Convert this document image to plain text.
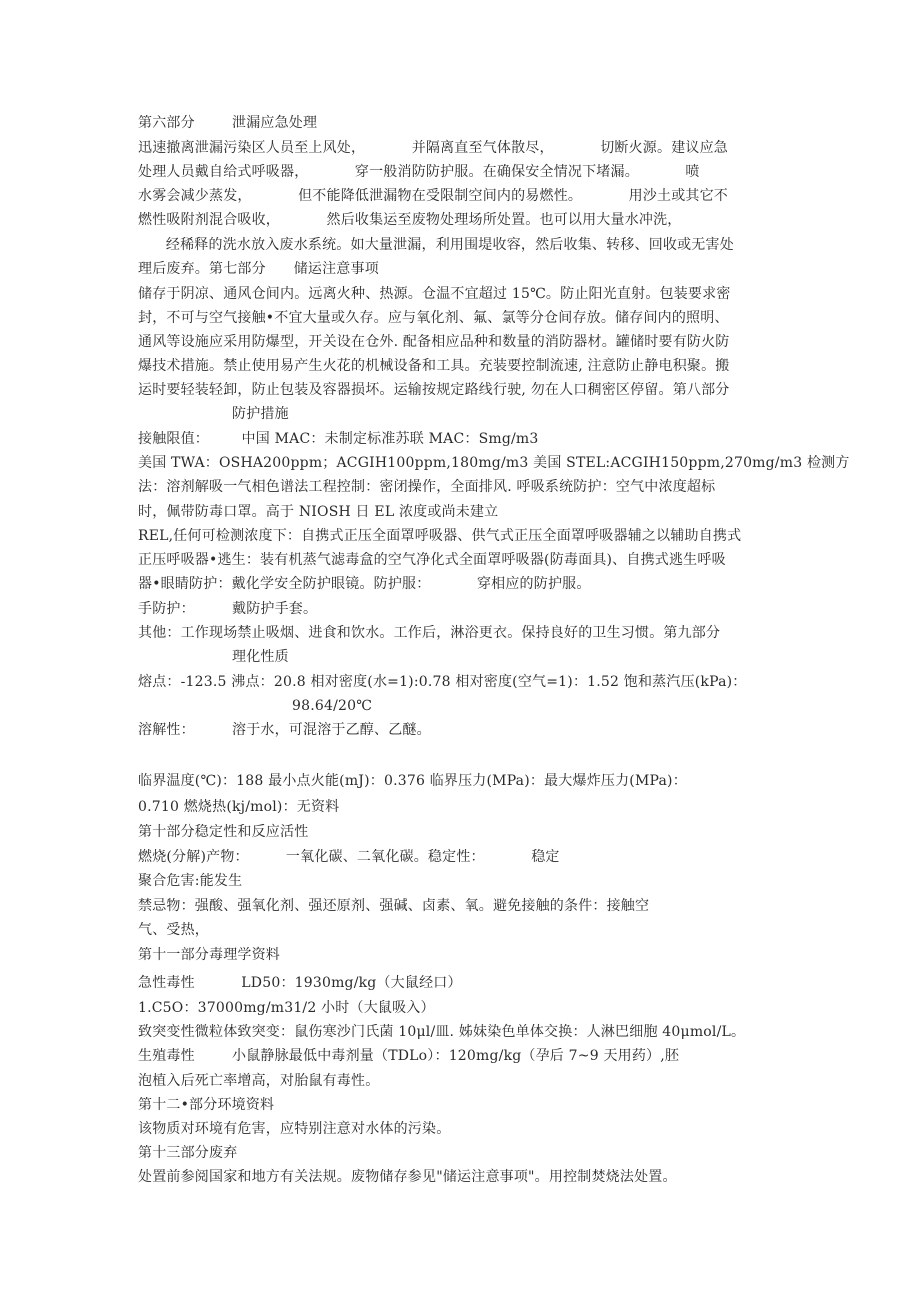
第六部分        泄漏应急处理
迅速撤离泄漏污染区人员至上风处，          并隔离直至气体散尽，          切断火源。建议应急
处理人员戴自给式呼吸器，          穿一般消防防护服。在确保安全情况下堵漏。          喷
水雾会减少蒸发，          但不能降低泄漏物在受限制空间内的易燃性。          用沙土或其它不
燃性吸附剂混合吸收，          然后收集运至废物处理场所处置。也可以用大量水冲洗，
经稀释的洗水放入废水系统。如大量泄漏，利用围堤收容，然后收集、转移、回收或无害处
理后废弃。第七部分      储运注意事项
储存于阴凉、通风仓间内。远离火种、热源。仓温不宜超过 15℃。防止阳光直射。包装要求密
封，不可与空气接触•不宜大量或久存。应与氧化剂、氟、氯等分仓间存放。储存间内的照明、
通风等设施应采用防爆型，开关设在仓外. 配备相应品种和数量的消防器材。罐储时要有防火防
爆技术措施。禁止使用易产生火花的机械设备和工具。充装要控制流速, 注意防止静电积聚。搬
运时要轻装轻卸，防止包装及容器损坏。运输按规定路线行驶, 勿在人口稠密区停留。第八部分
防护措施
接触限值：       中国 MAC：未制定标准苏联 MAC：Smg/m3
美国 TWA：OSHA200ppm；ACGIH100ppm,180mg/m3 美国 STEL:ACGIH150ppm,270mg/m3 检测方
法：溶剂解吸一气相色谱法工程控制：密闭操作，全面排风. 呼吸系统防护：空气中浓度超标
时，佩带防毒口罩。高于 NIOSH 日 EL 浓度或尚未建立
REL,任何可检测浓度下：自携式正压全面罩呼吸器、供气式正压全面罩呼吸器辅之以辅助自携式
正压呼吸器•逃生：装有机蒸气滤毒盒的空气净化式全面罩呼吸器(防毒面具)、自携式逃生呼吸
器•眼睛防护：戴化学安全防护眼镜。防护服：          穿相应的防护服。
手防护：        戴防护手套。
其他：工作现场禁止吸烟、进食和饮水。工作后，淋浴更衣。保持良好的卫生习惯。第九部分
理化性质
熔点：-123.5 沸点：20.8 相对密度(水=1):0.78 相对密度(空气=1)：1.52 饱和蒸汽压(kPa)：
98.64/20℃
溶解性：        溶于水，可混溶于乙醇、乙醚。
临界温度(℃)：188 最小点火能(mJ)：0.376 临界压力(MPa)：最大爆炸压力(MPa)：
0.710 燃烧热(kj/mol)：无资料
第十部分稳定性和反应活性
燃烧(分解)产物：        一氧化碳、二氧化碳。稳定性：          稳定
聚合危害:能发生
禁忌物：强酸、强氧化剂、强还原剂、强碱、卤素、氧。避免接触的条件：接触空
气、受热，
第十一部分毒理学资料
急性毒性          LD50：1930mg/kg（大鼠经口）
1.C5O：37000mg/m31/2 小时（大鼠吸入）
致突变性微粒体致突变：鼠伤寒沙门氏菌 10μl/皿. 姊妹染色单体交换：人淋巴细胞 40μmol/L。
生殖毒性        小鼠静脉最低中毒剂量（TDLo）：120mg/kg（孕后 7~9 天用药）,胚
泡植入后死亡率增高，对胎鼠有毒性。
第十二•部分环境资料
该物质对环境有危害，应特别注意对水体的污染。
第十三部分废弃
处置前参阅国家和地方有关法规。废物储存参见"储运注意事项"。用控制焚烧法处置。
